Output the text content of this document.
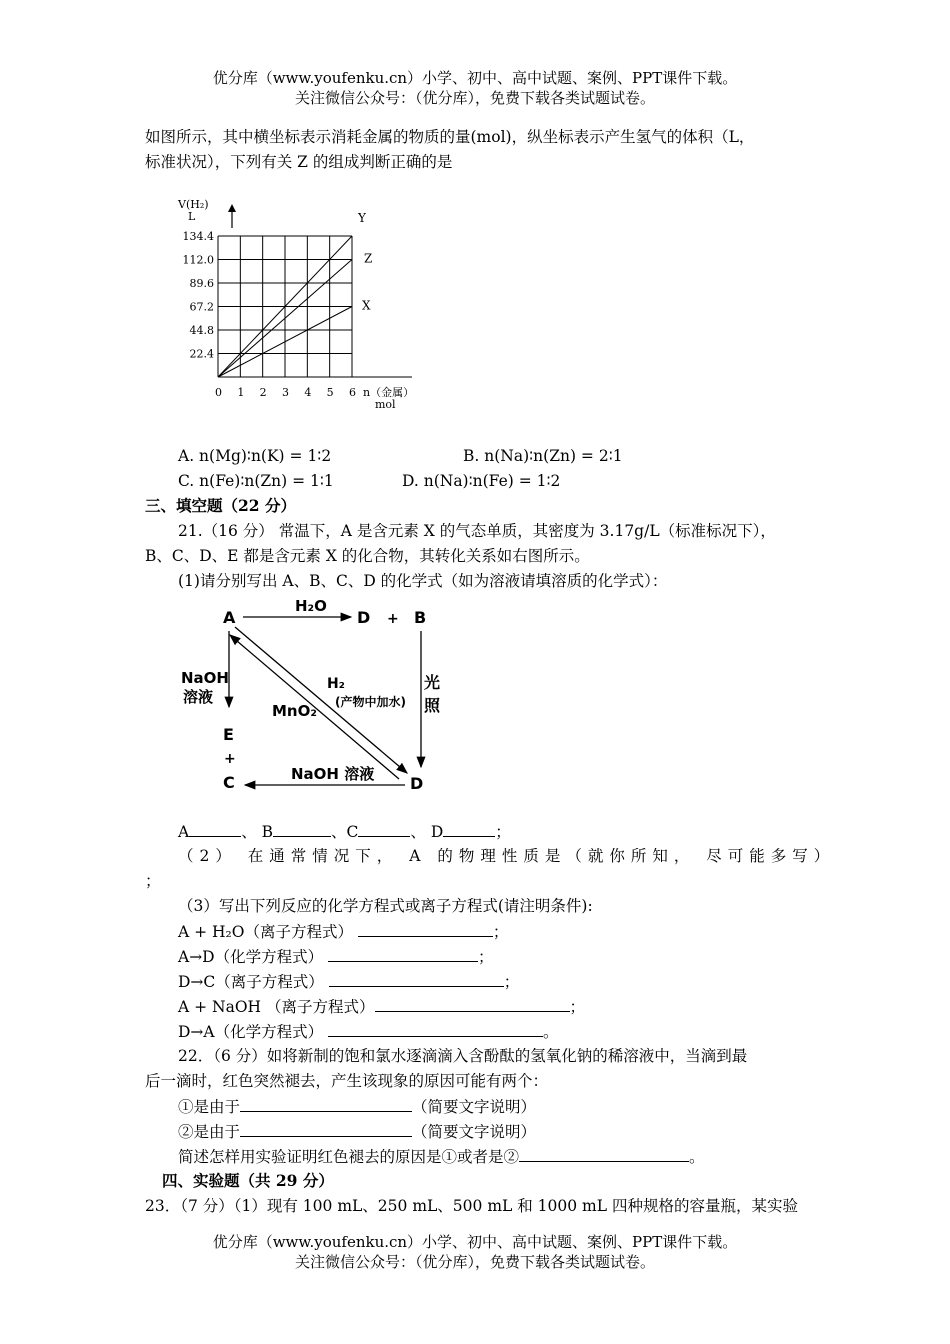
优分库（www.youfenku.cn）小学、初中、高中试题、案例、PPT课件下载。
关注微信公众号：（优分库），免费下载各类试题试卷。
如图所示，其中横坐标表示消耗金属的物质的量(mol)，纵坐标表示产生氢气的体积（L，
标准状况），下列有关 Z 的组成判断正确的是
22.4
44.8
67.2
89.6
112.0
134.4
0 1 2 3 4 5 6
V(H₂)
L
n（金属）
mol
Y
Z
X
A. n(Mg)∶n(K) = 1∶2	B. n(Na)∶n(Zn) = 2∶1
C. n(Fe)∶n(Zn) = 1∶1	D. n(Na)∶n(Fe) = 1∶2
三、填空题（22 分）
21.（16 分） 常温下，A 是含元素 X 的气态单质，其密度为 3.17g/L（标准标况下），
B、C、D、E 都是含元素 X 的化合物，其转化关系如右图所示。
(1)请分别写出 A、B、C、D 的化学式（如为溶液请填溶质的化学式）：
A	D + B
H₂O
NaOH
溶液
E
+
C
光
照
D
NaOH 溶液
H₂
(产物中加水)
MnO₂
A	、 B	、C	、 D	；
（2） 在通常情况下， A 的物理性质是（就你所知， 尽可能多写）
；
（3）写出下列反应的化学方程式或离子方程式(请注明条件):
A + H₂O（离子方程式）	；
A→D（化学方程式）	；
D→C（离子方程式）	；
A + NaOH （离子方程式）	；
D→A（化学方程式）	。
22．（6 分）如将新制的饱和氯水逐滴滴入含酚酞的氢氧化钠的稀溶液中，当滴到最
后一滴时，红色突然褪去，产生该现象的原因可能有两个：
①是由于	（简要文字说明）
②是由于	（简要文字说明）
简述怎样用实验证明红色褪去的原因是①或者是②	。
四、实验题（共 29 分）
23．（7 分）（1）现有 100 mL、250 mL、500 mL 和 1000 mL 四种规格的容量瓶，某实验
优分库（www.youfenku.cn）小学、初中、高中试题、案例、PPT课件下载。
关注微信公众号：（优分库），免费下载各类试题试卷。
